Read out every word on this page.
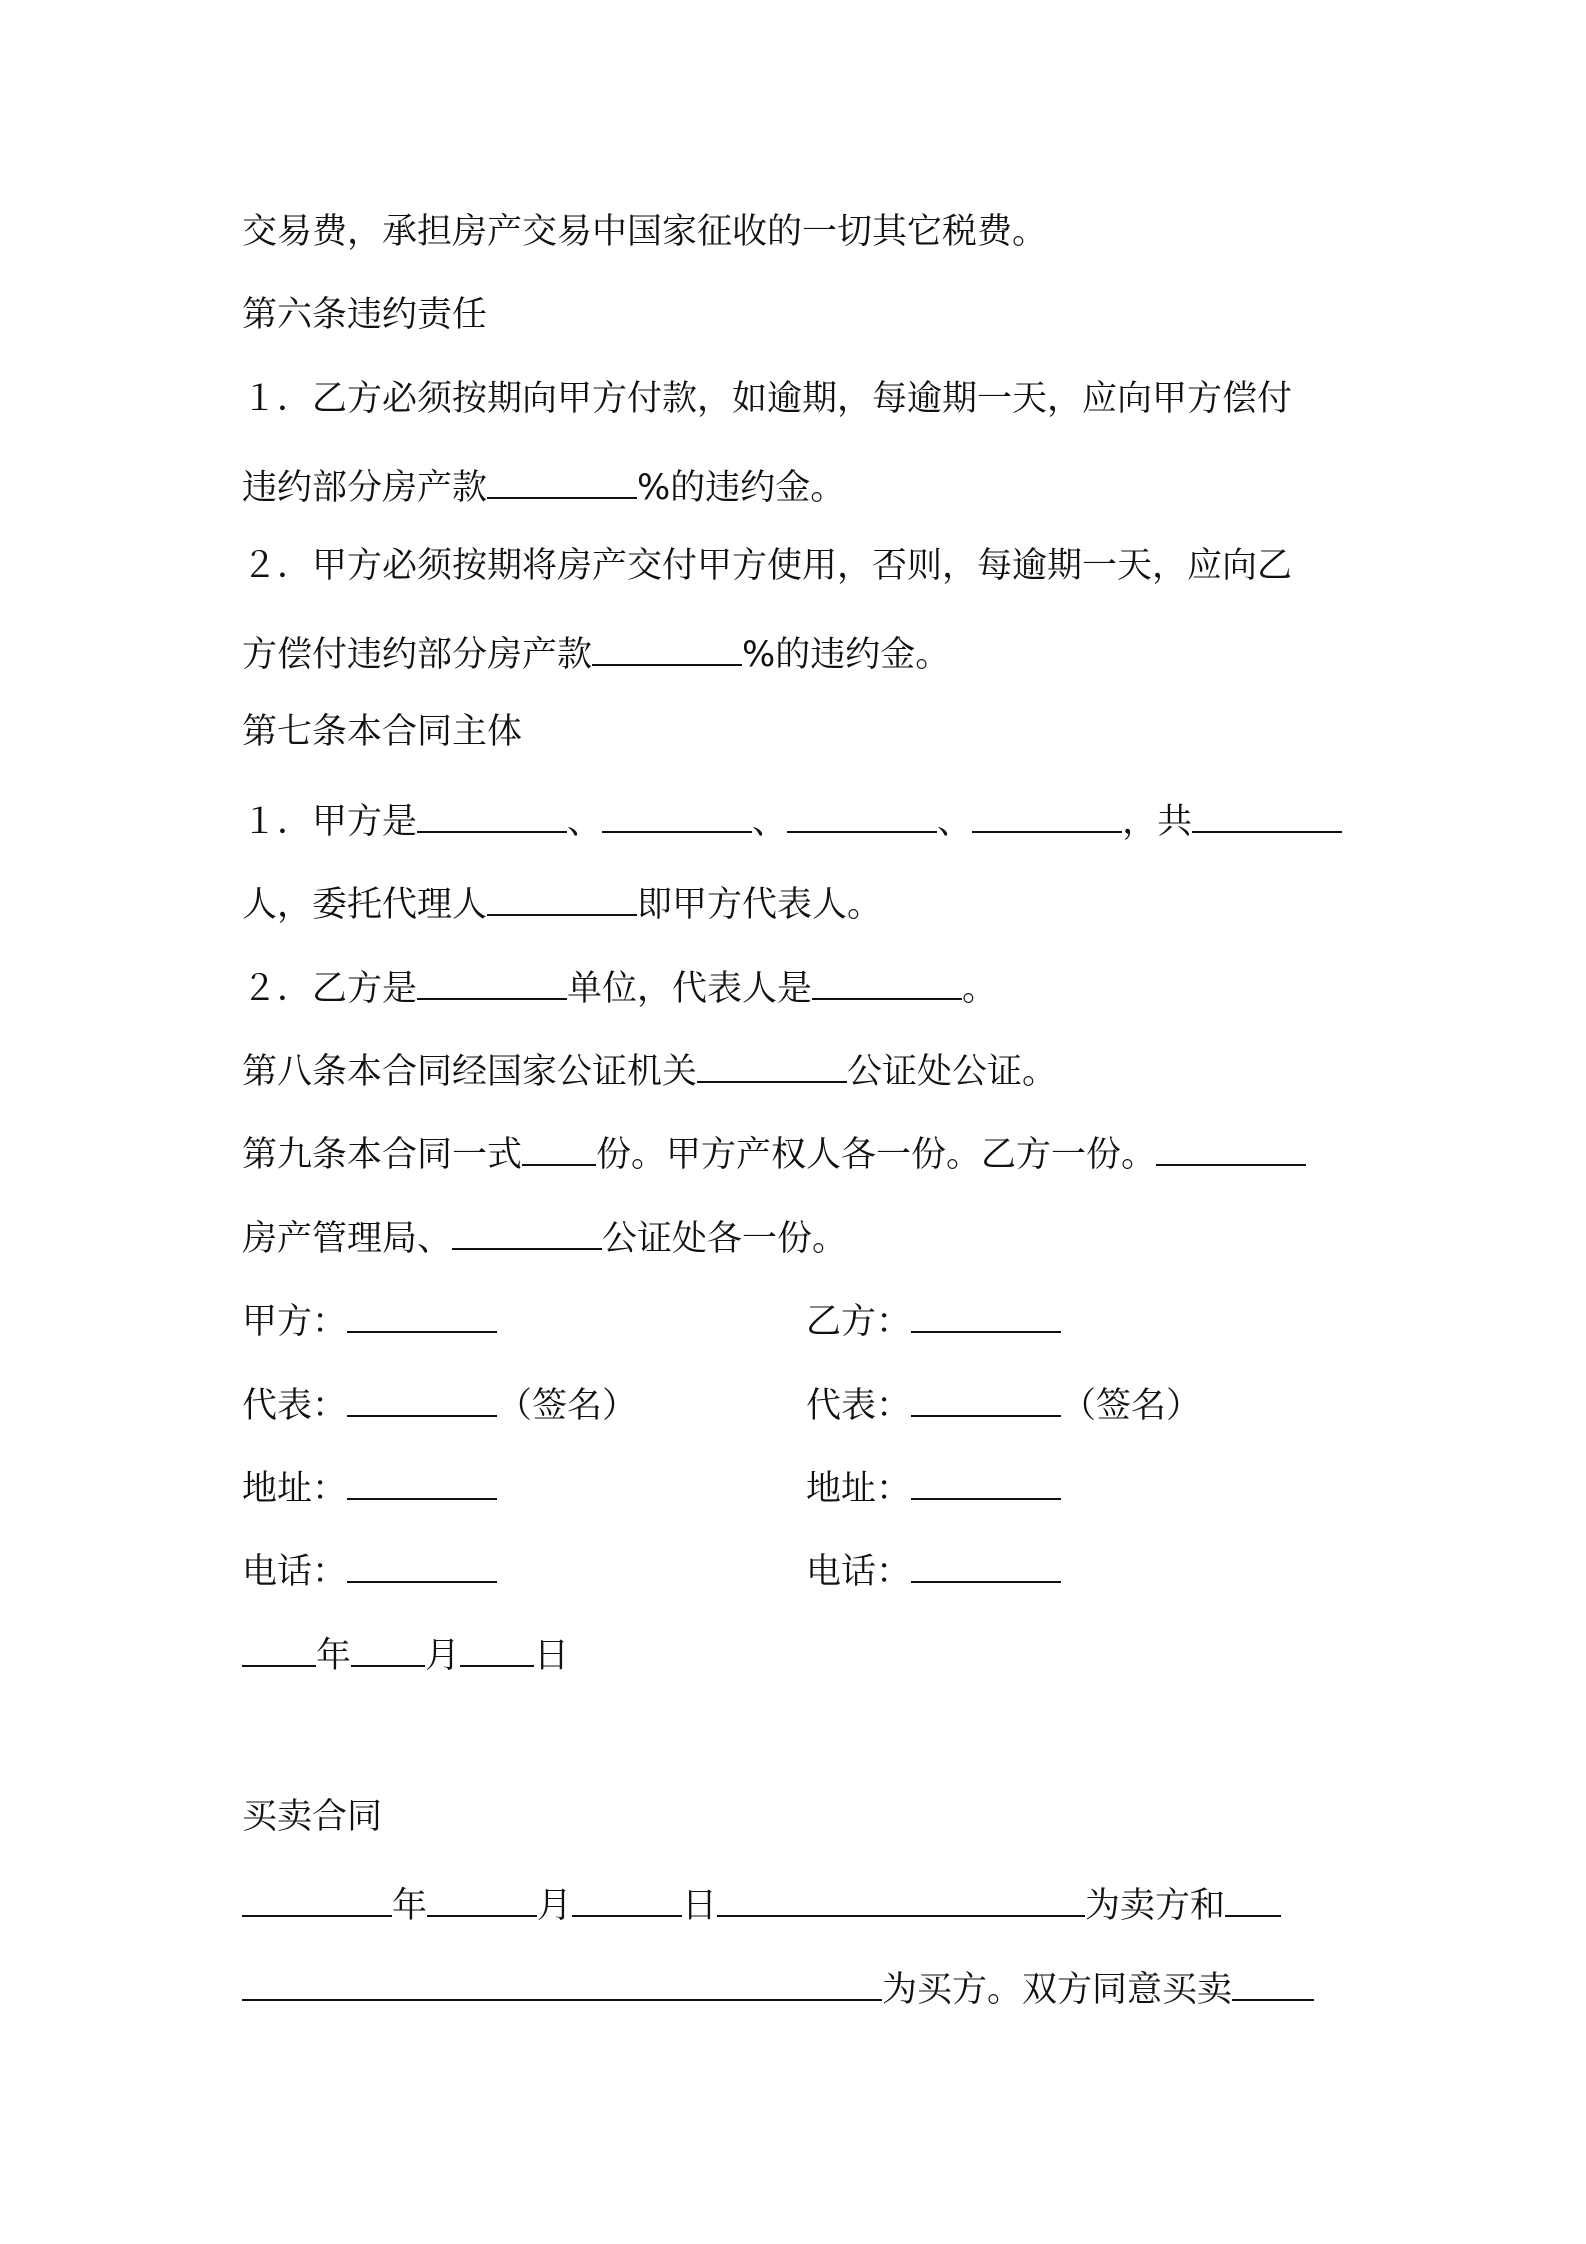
交易费，承担房产交易中国家征收的一切其它税费。
第六条违约责任
１．乙方必须按期向甲方付款，如逾期，每逾期一天，应向甲方偿付
违约部分房产款	%的违约金。
２．甲方必须按期将房产交付甲方使用，否则，每逾期一天，应向乙
方偿付违约部分房产款	%的违约金。
第七条本合同主体
１．甲方是	、	、	、	，共
人，委托代理人	即甲方代表人。
２．乙方是	单位，代表人是	。
第八条本合同经国家公证机关	公证处公证。
第九条本合同一式 份。甲方产权人各一份。乙方一份。
房产管理局、	公证处各一份。
甲方：	乙方：
代表：	（签名）	代表：	（签名）
地址：	地址：
电话：	电话：
年 月 日
买卖合同
年	月	日	为卖方和
为买方。双方同意买卖
